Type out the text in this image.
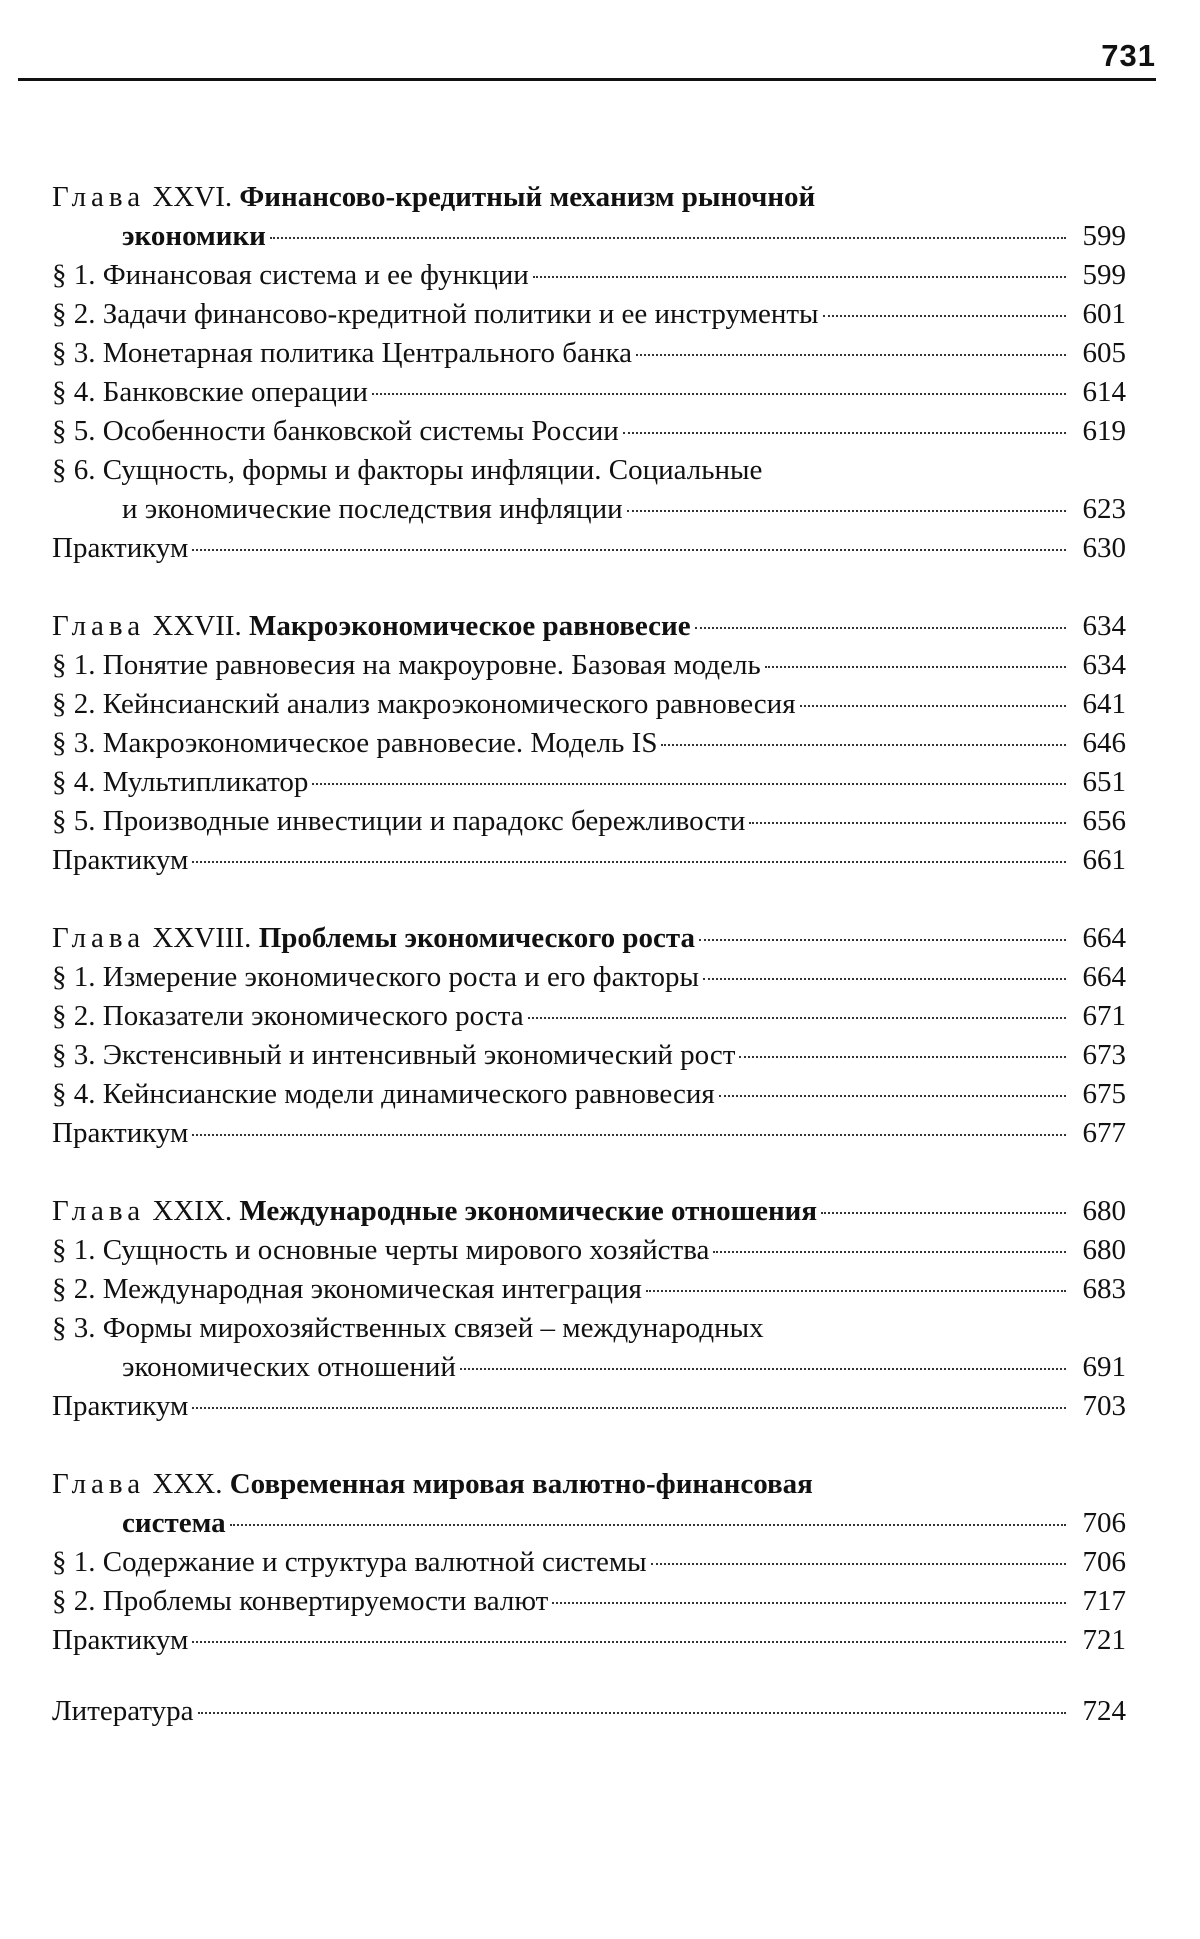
731
Глава XXVI. Финансово-кредитный механизм рыночной
экономики	599
§ 1. Финансовая система и ее функции	599
§ 2. Задачи финансово-кредитной политики и ее инструменты	601
§ 3. Монетарная политика Центрального банка	605
§ 4. Банковские операции	614
§ 5. Особенности банковской системы России	619
§ 6. Сущность, формы и факторы инфляции. Социальные
и экономические последствия инфляции	623
Практикум	630
Глава XXVII. Макроэкономическое равновесие	634
§ 1. Понятие равновесия на макроуровне. Базовая модель	634
§ 2. Кейнсианский анализ макроэкономического равновесия	641
§ 3. Макроэкономическое равновесие. Модель IS	646
§ 4. Мультипликатор	651
§ 5. Производные инвестиции и парадокс бережливости	656
Практикум	661
Глава XXVIII. Проблемы экономического роста	664
§ 1. Измерение экономического роста и его факторы	664
§ 2. Показатели экономического роста	671
§ 3. Экстенсивный и интенсивный экономический рост	673
§ 4. Кейнсианские модели динамического равновесия	675
Практикум	677
Глава XXIX. Международные экономические отношения	680
§ 1. Сущность и основные черты мирового хозяйства	680
§ 2. Международная экономическая интеграция	683
§ 3. Формы мирохозяйственных связей – международных
экономических отношений	691
Практикум	703
Глава XXX. Современная мировая валютно-финансовая
система	706
§ 1. Содержание и структура валютной системы	706
§ 2. Проблемы конвертируемости валют	717
Практикум	721
Литература	724
